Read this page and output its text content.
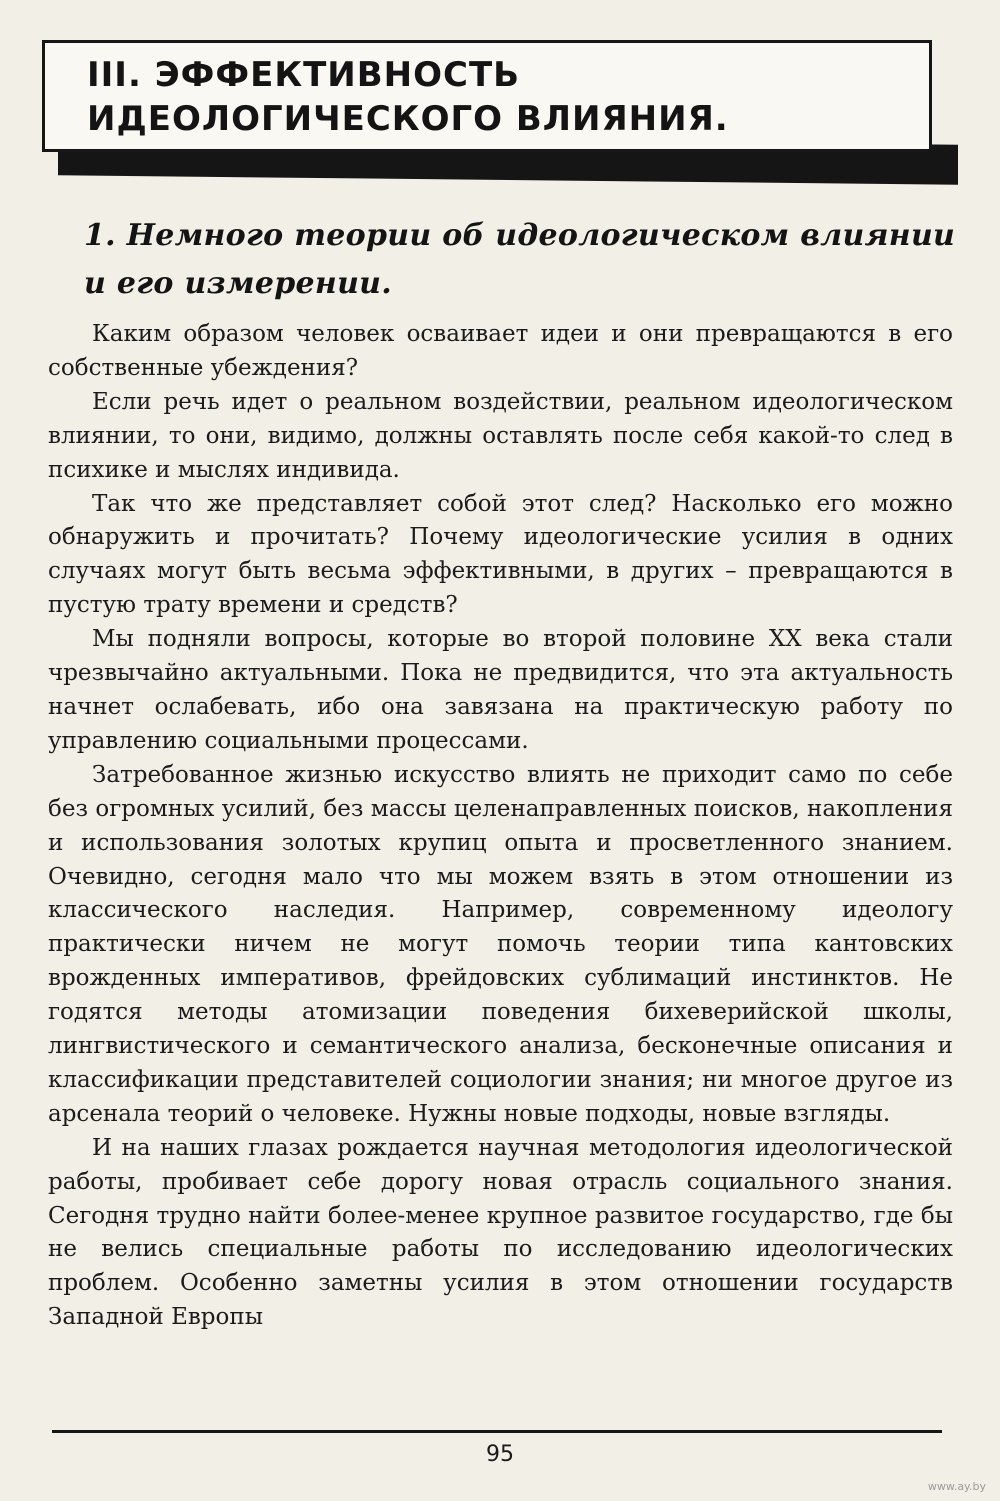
III. ЭФФЕКТИВНОСТЬ ИДЕОЛОГИЧЕСКОГО ВЛИЯНИЯ.
1. Немного теории об идеологическом влиянии и его измерении.

Каким образом человек осваивает идеи и они превращаются в его собственные убеждения?

Если речь идет о реальном воздействии, реальном идеологическом влиянии, то они, видимо, должны оставлять после себя какой-то след в психике и мыслях индивида.

Так что же представляет собой этот след? Насколько его можно обнаружить и прочитать? Почему идеологические усилия в одних случаях могут быть весьма эффективными, в других – превращаются в пустую трату времени и средств?

Мы подняли вопросы, которые во второй половине XX века стали чрезвычайно актуальными. Пока не предвидится, что эта актуальность начнет ослабевать, ибо она завязана на практическую работу по управлению социальными процессами.

Затребованное жизнью искусство влиять не приходит само по себе без огромных усилий, без массы целенаправленных поисков, накопления и использования золотых крупиц опыта и просветленного знанием. Очевидно, сегодня мало что мы можем взять в этом отношении из классического наследия. Например, современному идеологу практически ничем не могут помочь теории типа кантовских врожденных императивов, фрейдовских сублимаций инстинктов. Не годятся методы атомизации поведения бихеверийской школы, лингвистического и семантического анализа, бесконечные описания и классификации представителей социологии знания; ни многое другое из арсенала теорий о человеке. Нужны новые подходы, новые взгляды.

И на наших глазах рождается научная методология идеологической работы, пробивает себе дорогу новая отрасль социального знания. Сегодня трудно найти более-менее крупное развитое государство, где бы не велись специальные работы по исследованию идеологических проблем. Особенно заметны усилия в этом отношении государств Западной Европы

95
www.ay.by
